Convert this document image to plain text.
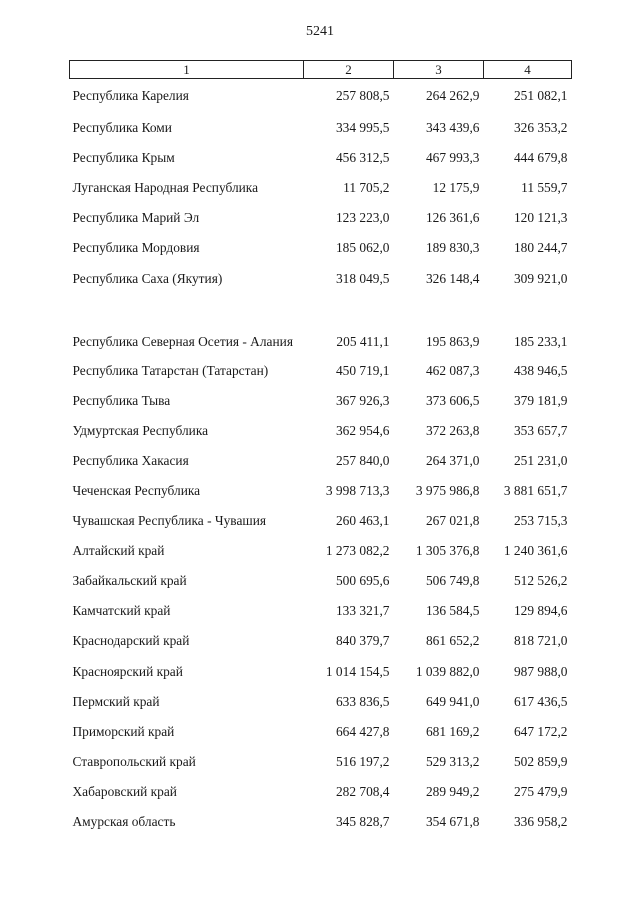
5241
1	2	3	4
Республика Карелия	257 808,5	264 262,9	251 082,1
Республика Коми	334 995,5	343 439,6	326 353,2
Республика Крым	456 312,5	467 993,3	444 679,8
Луганская Народная Республика	11 705,2	12 175,9	11 559,7
Республика Марий Эл	123 223,0	126 361,6	120 121,3
Республика Мордовия	185 062,0	189 830,3	180 244,7
Республика Саха (Якутия)	318 049,5	326 148,4	309 921,0
Республика Северная Осетия - Алания	205 411,1	195 863,9	185 233,1
Республика Татарстан (Татарстан)	450 719,1	462 087,3	438 946,5
Республика Тыва	367 926,3	373 606,5	379 181,9
Удмуртская Республика	362 954,6	372 263,8	353 657,7
Республика Хакасия	257 840,0	264 371,0	251 231,0
Чеченская Республика	3 998 713,3	3 975 986,8	3 881 651,7
Чувашская Республика - Чувашия	260 463,1	267 021,8	253 715,3
Алтайский край	1 273 082,2	1 305 376,8	1 240 361,6
Забайкальский край	500 695,6	506 749,8	512 526,2
Камчатский край	133 321,7	136 584,5	129 894,6
Краснодарский край	840 379,7	861 652,2	818 721,0
Красноярский край	1 014 154,5	1 039 882,0	987 988,0
Пермский край	633 836,5	649 941,0	617 436,5
Приморский край	664 427,8	681 169,2	647 172,2
Ставропольский край	516 197,2	529 313,2	502 859,9
Хабаровский край	282 708,4	289 949,2	275 479,9
Амурская область	345 828,7	354 671,8	336 958,2
